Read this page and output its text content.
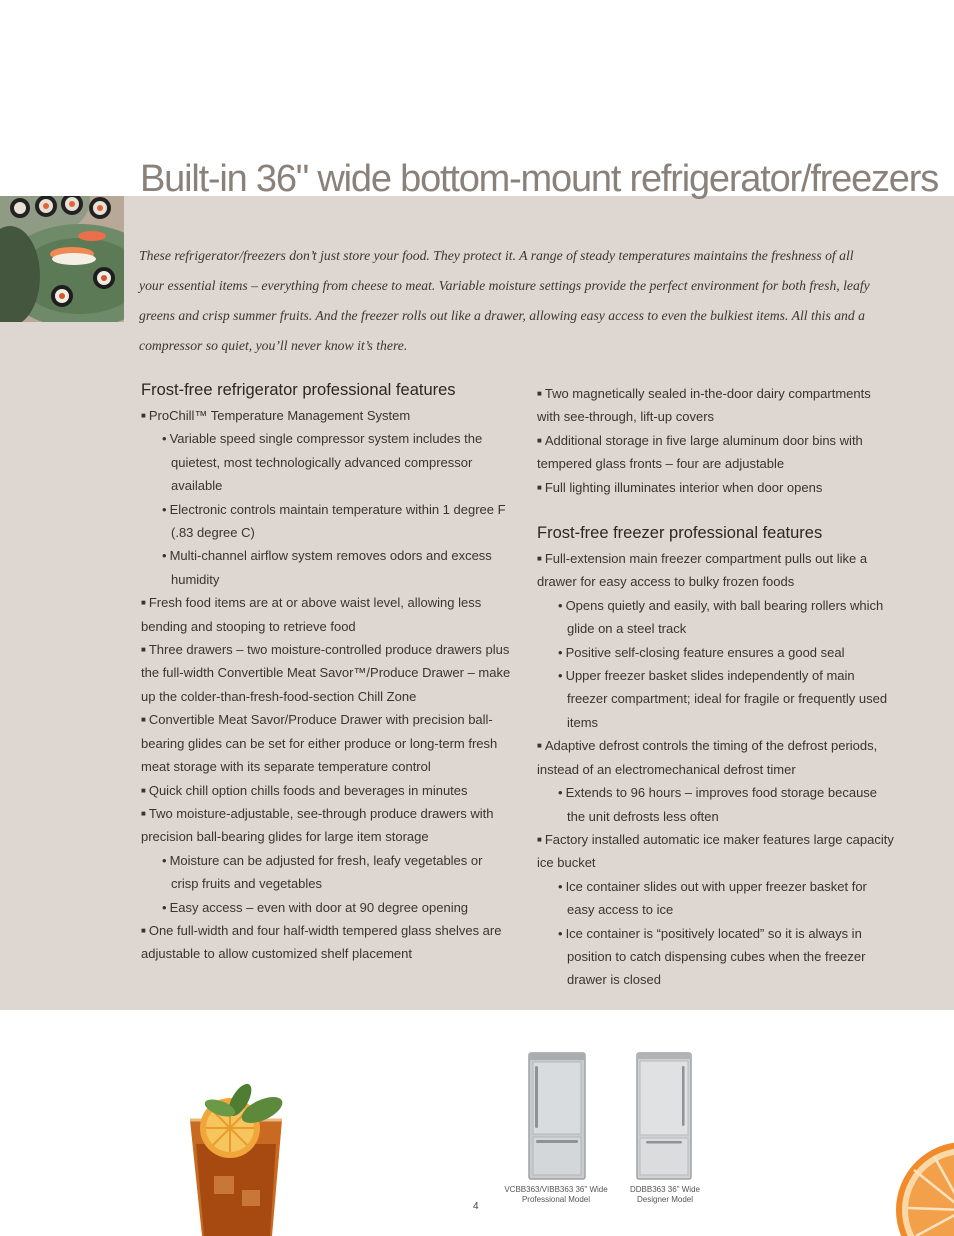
Built-in 36" wide bottom-mount refrigerator/freezers

These refrigerator/freezers don’t just store your food. They protect it. A range of steady temperatures maintains the freshness of all your essential items – everything from cheese to meat. Variable moisture settings provide the perfect environment for both fresh, leafy greens and crisp summer fruits. And the freezer rolls out like a drawer, allowing easy access to even the bulkiest items. All this and a compressor so quiet, you’ll never know it’s there.

Frost-free refrigerator professional features

■ ProChill™ Temperature Management System

• Variable speed single compressor system includes the quietest, most technologically advanced compressor available

• Electronic controls maintain temperature within 1 degree F (.83 degree C)

• Multi-channel airflow system removes odors and excess humidity

■ Fresh food items are at or above waist level, allowing less bending and stooping to retrieve food

■ Three drawers – two moisture-controlled produce drawers plus the full-width Convertible Meat Savor™/Produce Drawer – make up the colder-than-fresh-food-section Chill Zone

■ Convertible Meat Savor/Produce Drawer with precision ball-bearing glides can be set for either produce or long-term fresh meat storage with its separate temperature control

■ Quick chill option chills foods and beverages in minutes

■ Two moisture-adjustable, see-through produce drawers with precision ball-bearing glides for large item storage

• Moisture can be adjusted for fresh, leafy vegetables or crisp fruits and vegetables

• Easy access – even with door at 90 degree opening

■ One full-width and four half-width tempered glass shelves are adjustable to allow customized shelf placement

■ Two magnetically sealed in-the-door dairy compartments with see-through, lift-up covers

■ Additional storage in five large aluminum door bins with tempered glass fronts – four are adjustable

■ Full lighting illuminates interior when door opens

Frost-free freezer professional features

■ Full-extension main freezer compartment pulls out like a drawer for easy access to bulky frozen foods

• Opens quietly and easily, with ball bearing rollers which glide on a steel track

• Positive self-closing feature ensures a good seal

• Upper freezer basket slides independently of main freezer compartment; ideal for fragile or frequently used items

■ Adaptive defrost controls the timing of the defrost periods, instead of an electromechanical defrost timer

• Extends to 96 hours – improves food storage because the unit defrosts less often

■ Factory installed automatic ice maker features large capacity ice bucket

• Ice container slides out with upper freezer basket for easy access to ice

• Ice container is “positively located” so it is always in position to catch dispensing cubes when the freezer drawer is closed

VCBB363/VIBB363 36" Wide
Professional Model
DDBB363 36" Wide
Designer Model
4
